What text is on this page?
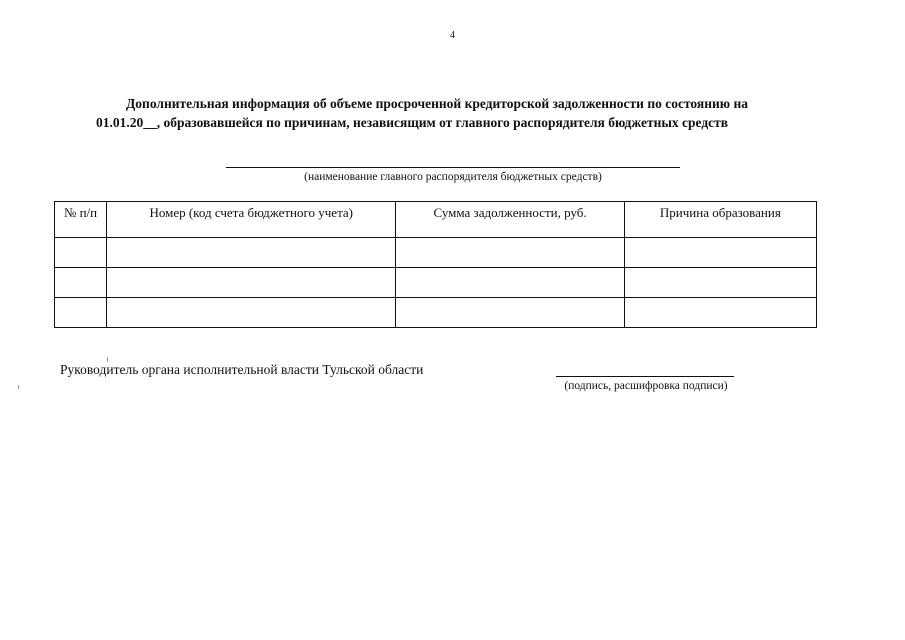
4
Дополнительная информация об объеме просроченной кредиторской задолженности по состоянию на
01.01.20__, образовавшейся по причинам, независящим от главного распорядителя бюджетных средств
(наименование главного распорядителя бюджетных средств)
№ п/п	Номер (код счета бюджетного учета)	Сумма задолженности, руб.	Причина образования

Руководитель органа исполнительной власти Тульской области
(подпись, расшифровка подписи)
